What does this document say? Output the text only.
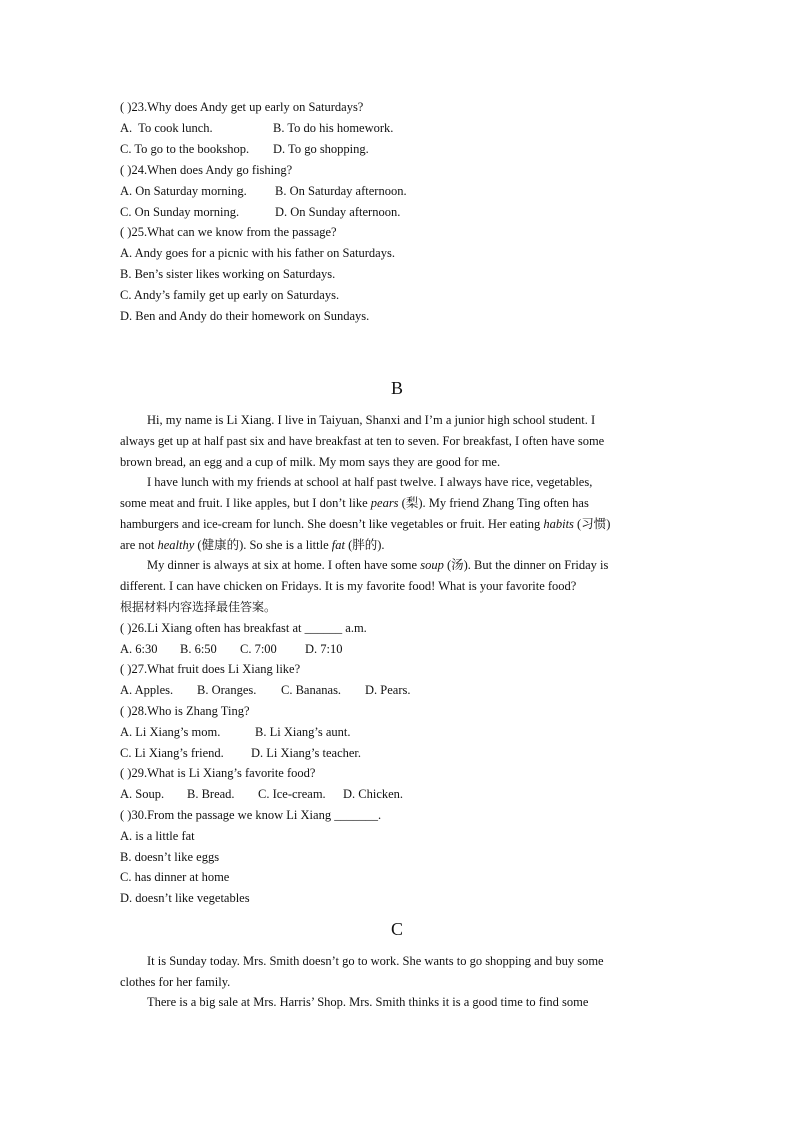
( )23.Why does Andy get up early on Saturdays?
A.  To cook lunch.	B. To do his homework.
C. To go to the bookshop. D. To go shopping.
( )24.When does Andy go fishing?
A. On Saturday morning. B. On Saturday afternoon.
C. On Sunday morning.	D. On Sunday afternoon.
( )25.What can we know from the passage?
A. Andy goes for a picnic with his father on Saturdays.
B. Ben’s sister likes working on Saturdays.
C. Andy’s family get up early on Saturdays.
D. Ben and Andy do their homework on Sundays.
B
Hi, my name is Li Xiang. I live in Taiyuan, Shanxi and I’m a junior high school student. I
always get up at half past six and have breakfast at ten to seven. For breakfast, I often have some
brown bread, an egg and a cup of milk. My mom says they are good for me.
I have lunch with my friends at school at half past twelve. I always have rice, vegetables,
some meat and fruit. I like apples, but I don’t like pears (梨). My friend Zhang Ting often has
hamburgers and ice-cream for lunch. She doesn’t like vegetables or fruit. Her eating habits (习惯)
are not healthy (健康的). So she is a little fat (胖的).
My dinner is always at six at home. I often have some soup (汤). But the dinner on Friday is
different. I can have chicken on Fridays. It is my favorite food! What is your favorite food?
根据材料内容选择最佳答案。
( )26.Li Xiang often has breakfast at ______ a.m.
A. 6:30 B. 6:50 C. 7:00 D. 7:10
( )27.What fruit does Li Xiang like?
A. Apples. B. Oranges. C. Bananas. D. Pears.
( )28.Who is Zhang Ting?
A. Li Xiang’s mom.	B. Li Xiang’s aunt.
C. Li Xiang’s friend. D. Li Xiang’s teacher.
( )29.What is Li Xiang’s favorite food?
A. Soup. B. Bread. C. Ice-cream. D. Chicken.
( )30.From the passage we know Li Xiang _______.
A. is a little fat
B. doesn’t like eggs
C. has dinner at home
D. doesn’t like vegetables
C
It is Sunday today. Mrs. Smith doesn’t go to work. She wants to go shopping and buy some
clothes for her family.
There is a big sale at Mrs. Harris’ Shop. Mrs. Smith thinks it is a good time to find some
